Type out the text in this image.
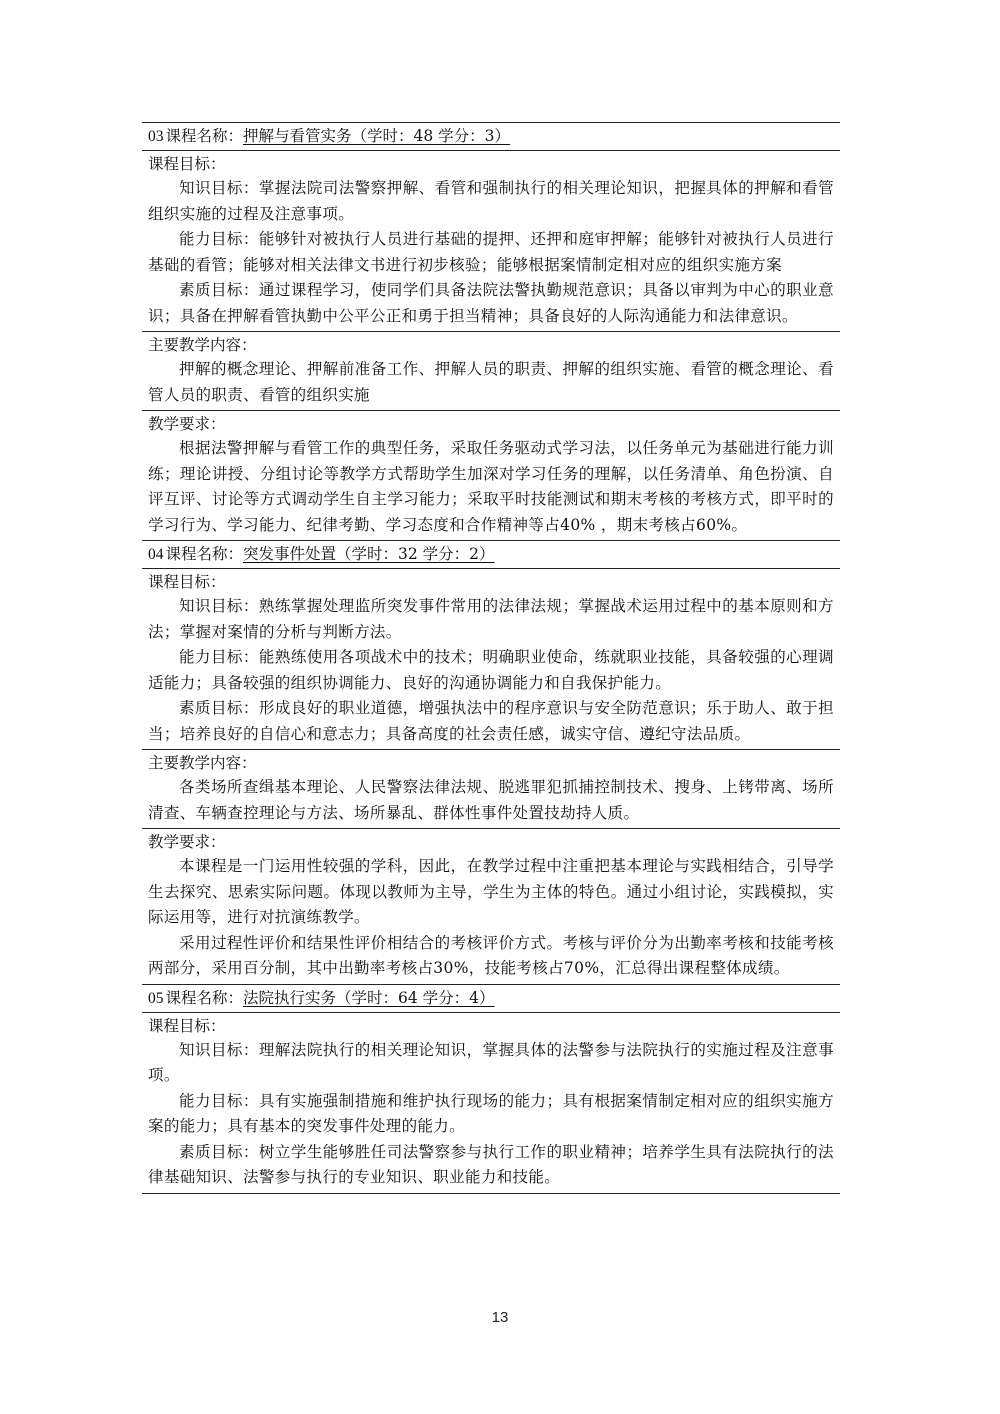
03 课程名称：押解与看管实务（学时：48 学分：3）

课程目标：

知识目标：掌握法院司法警察押解、看管和强制执行的相关理论知识，把握具体的押解和看管组织实施的过程及注意事项。

能力目标：能够针对被执行人员进行基础的提押、还押和庭审押解；能够针对被执行人员进行基础的看管；能够对相关法律文书进行初步核验；能够根据案情制定相对应的组织实施方案

素质目标：通过课程学习，使同学们具备法院法警执勤规范意识；具备以审判为中心的职业意识；具备在押解看管执勤中公平公正和勇于担当精神；具备良好的人际沟通能力和法律意识。

主要教学内容：

押解的概念理论、押解前准备工作、押解人员的职责、押解的组织实施、看管的概念理论、看管人员的职责、看管的组织实施

教学要求：

根据法警押解与看管工作的典型任务，采取任务驱动式学习法，以任务单元为基础进行能力训练；理论讲授、分组讨论等教学方式帮助学生加深对学习任务的理解，以任务清单、角色扮演、自评互评、讨论等方式调动学生自主学习能力；采取平时技能测试和期末考核的考核方式，即平时的学习行为、学习能力、纪律考勤、学习态度和合作精神等占40% ，期末考核占60%。

04 课程名称：突发事件处置（学时：32 学分：2）

课程目标：

知识目标：熟练掌握处理监所突发事件常用的法律法规；掌握战术运用过程中的基本原则和方法；掌握对案情的分析与判断方法。

能力目标：能熟练使用各项战术中的技术；明确职业使命，练就职业技能，具备较强的心理调适能力；具备较强的组织协调能力、良好的沟通协调能力和自我保护能力。

素质目标：形成良好的职业道德，增强执法中的程序意识与安全防范意识；乐于助人、敢于担当；培养良好的自信心和意志力；具备高度的社会责任感，诚实守信、遵纪守法品质。

主要教学内容：

各类场所查缉基本理论、人民警察法律法规、脱逃罪犯抓捕控制技术、搜身、上铐带离、场所清查、车辆查控理论与方法、场所暴乱、群体性事件处置技劫持人质。

教学要求：

本课程是一门运用性较强的学科，因此，在教学过程中注重把基本理论与实践相结合，引导学生去探究、思索实际问题。体现以教师为主导，学生为主体的特色。通过小组讨论，实践模拟，实际运用等，进行对抗演练教学。

采用过程性评价和结果性评价相结合的考核评价方式。考核与评价分为出勤率考核和技能考核两部分，采用百分制，其中出勤率考核占30%，技能考核占70%，汇总得出课程整体成绩。

05 课程名称：法院执行实务（学时：64 学分：4）

课程目标：

知识目标：理解法院执行的相关理论知识，掌握具体的法警参与法院执行的实施过程及注意事项。

能力目标：具有实施强制措施和维护执行现场的能力；具有根据案情制定相对应的组织实施方案的能力；具有基本的突发事件处理的能力。

素质目标：树立学生能够胜任司法警察参与执行工作的职业精神；培养学生具有法院执行的法律基础知识、法警参与执行的专业知识、职业能力和技能。

13
